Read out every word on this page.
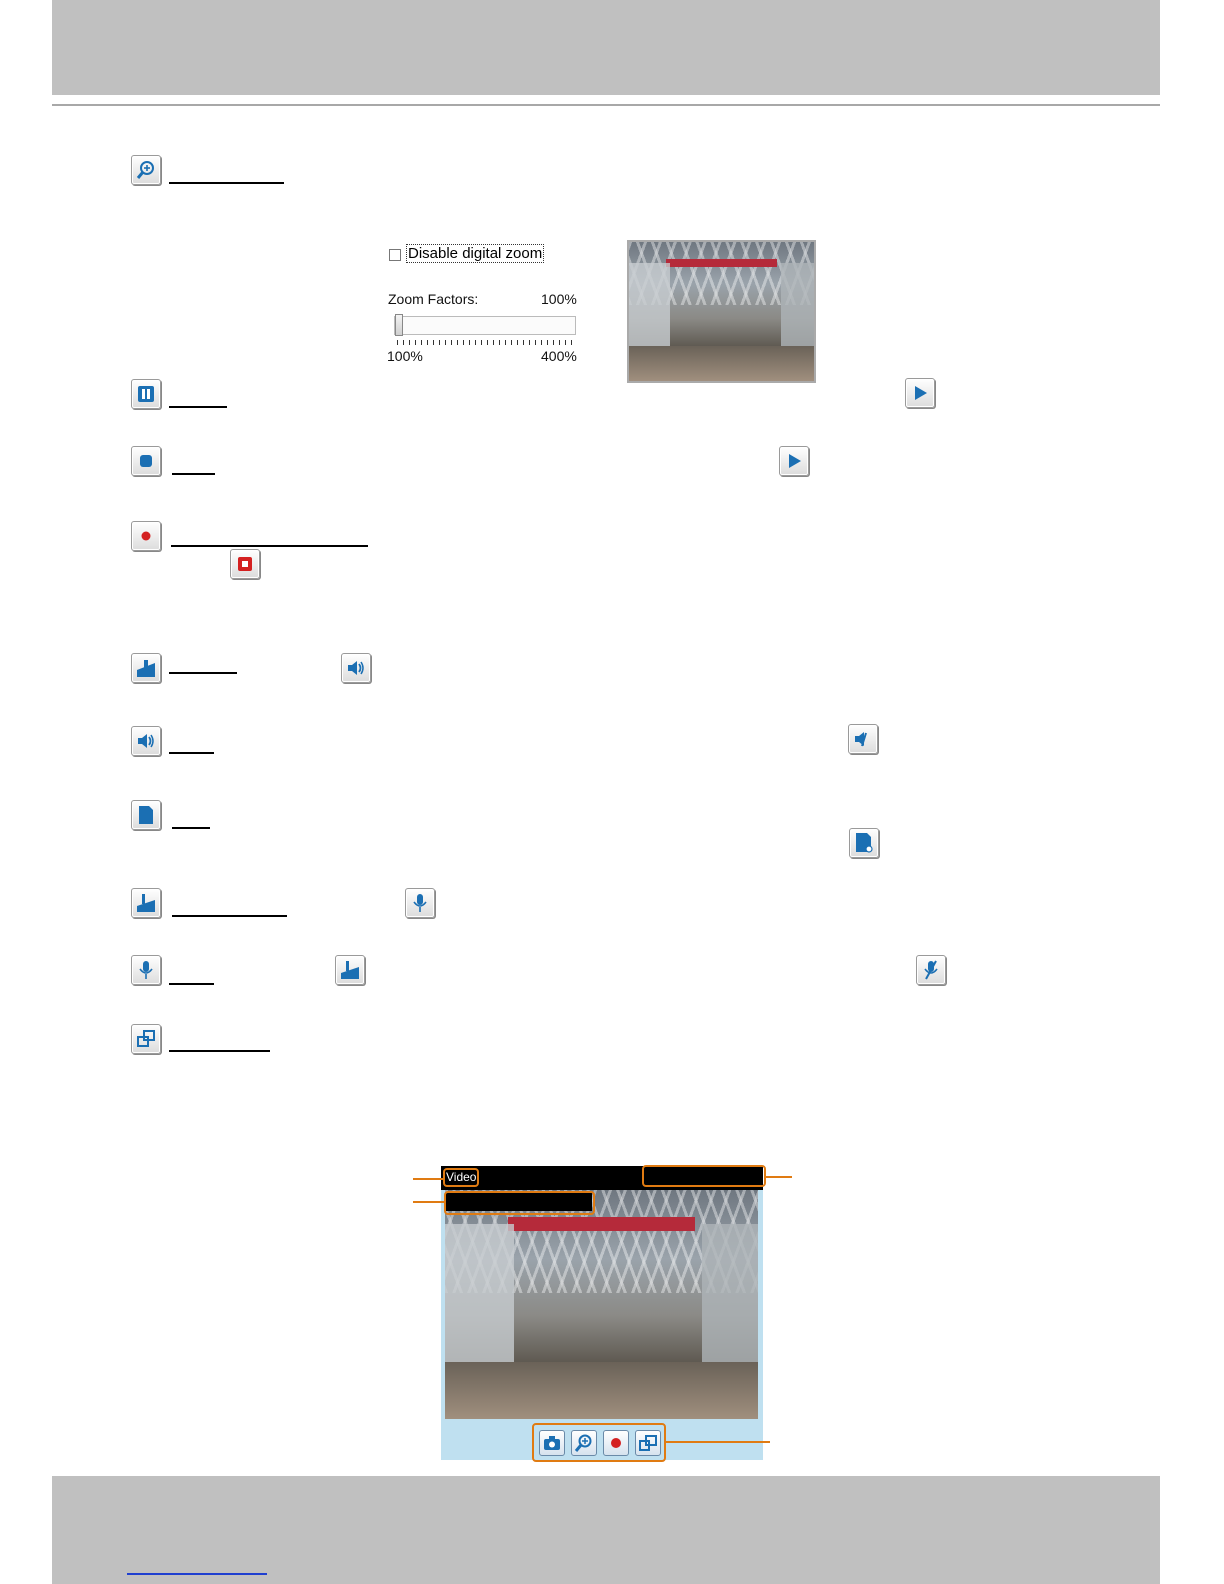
Disable digital zoom
Zoom Factors:	100%
100%	400%
Video
